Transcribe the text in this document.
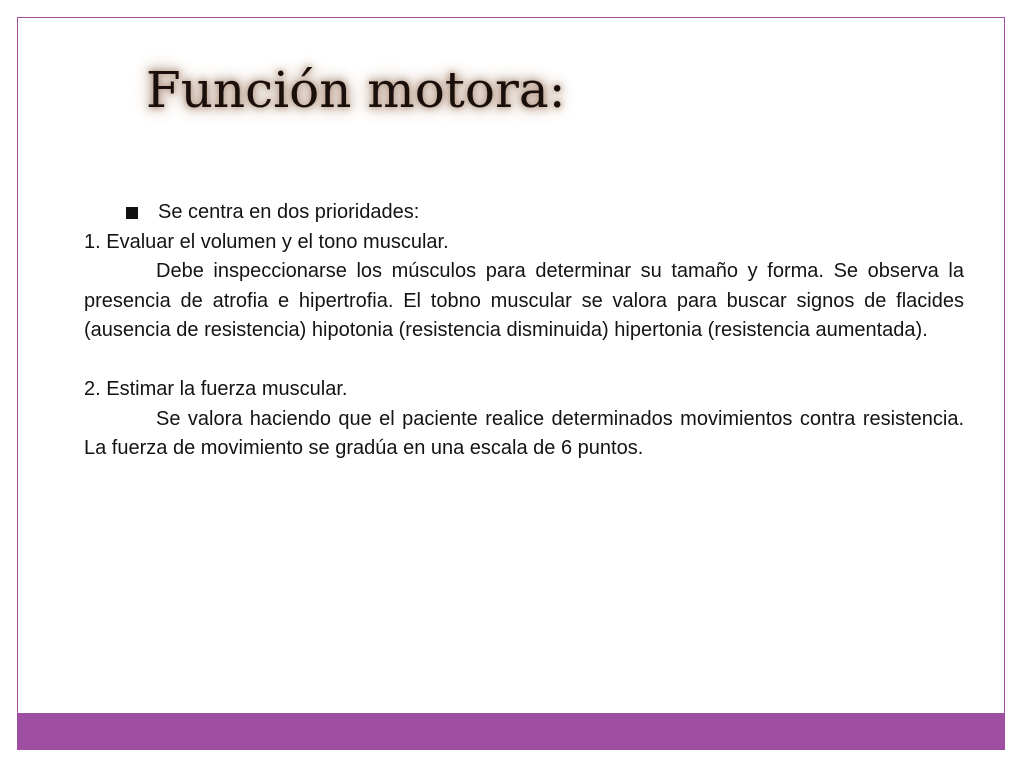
Función motora:
Se centra en dos prioridades:

1. Evaluar el volumen y el tono muscular.

Debe inspeccionarse los músculos para determinar su tamaño y forma. Se observa la presencia de atrofia e hipertrofia. El tobno muscular se valora para buscar signos de flacides (ausencia de resistencia) hipotonia (resistencia disminuida) hipertonia (resistencia aumentada).

2. Estimar la fuerza muscular.

Se valora haciendo que el paciente realice determinados movimientos contra resistencia. La fuerza de movimiento se gradúa en una escala de 6 puntos.
